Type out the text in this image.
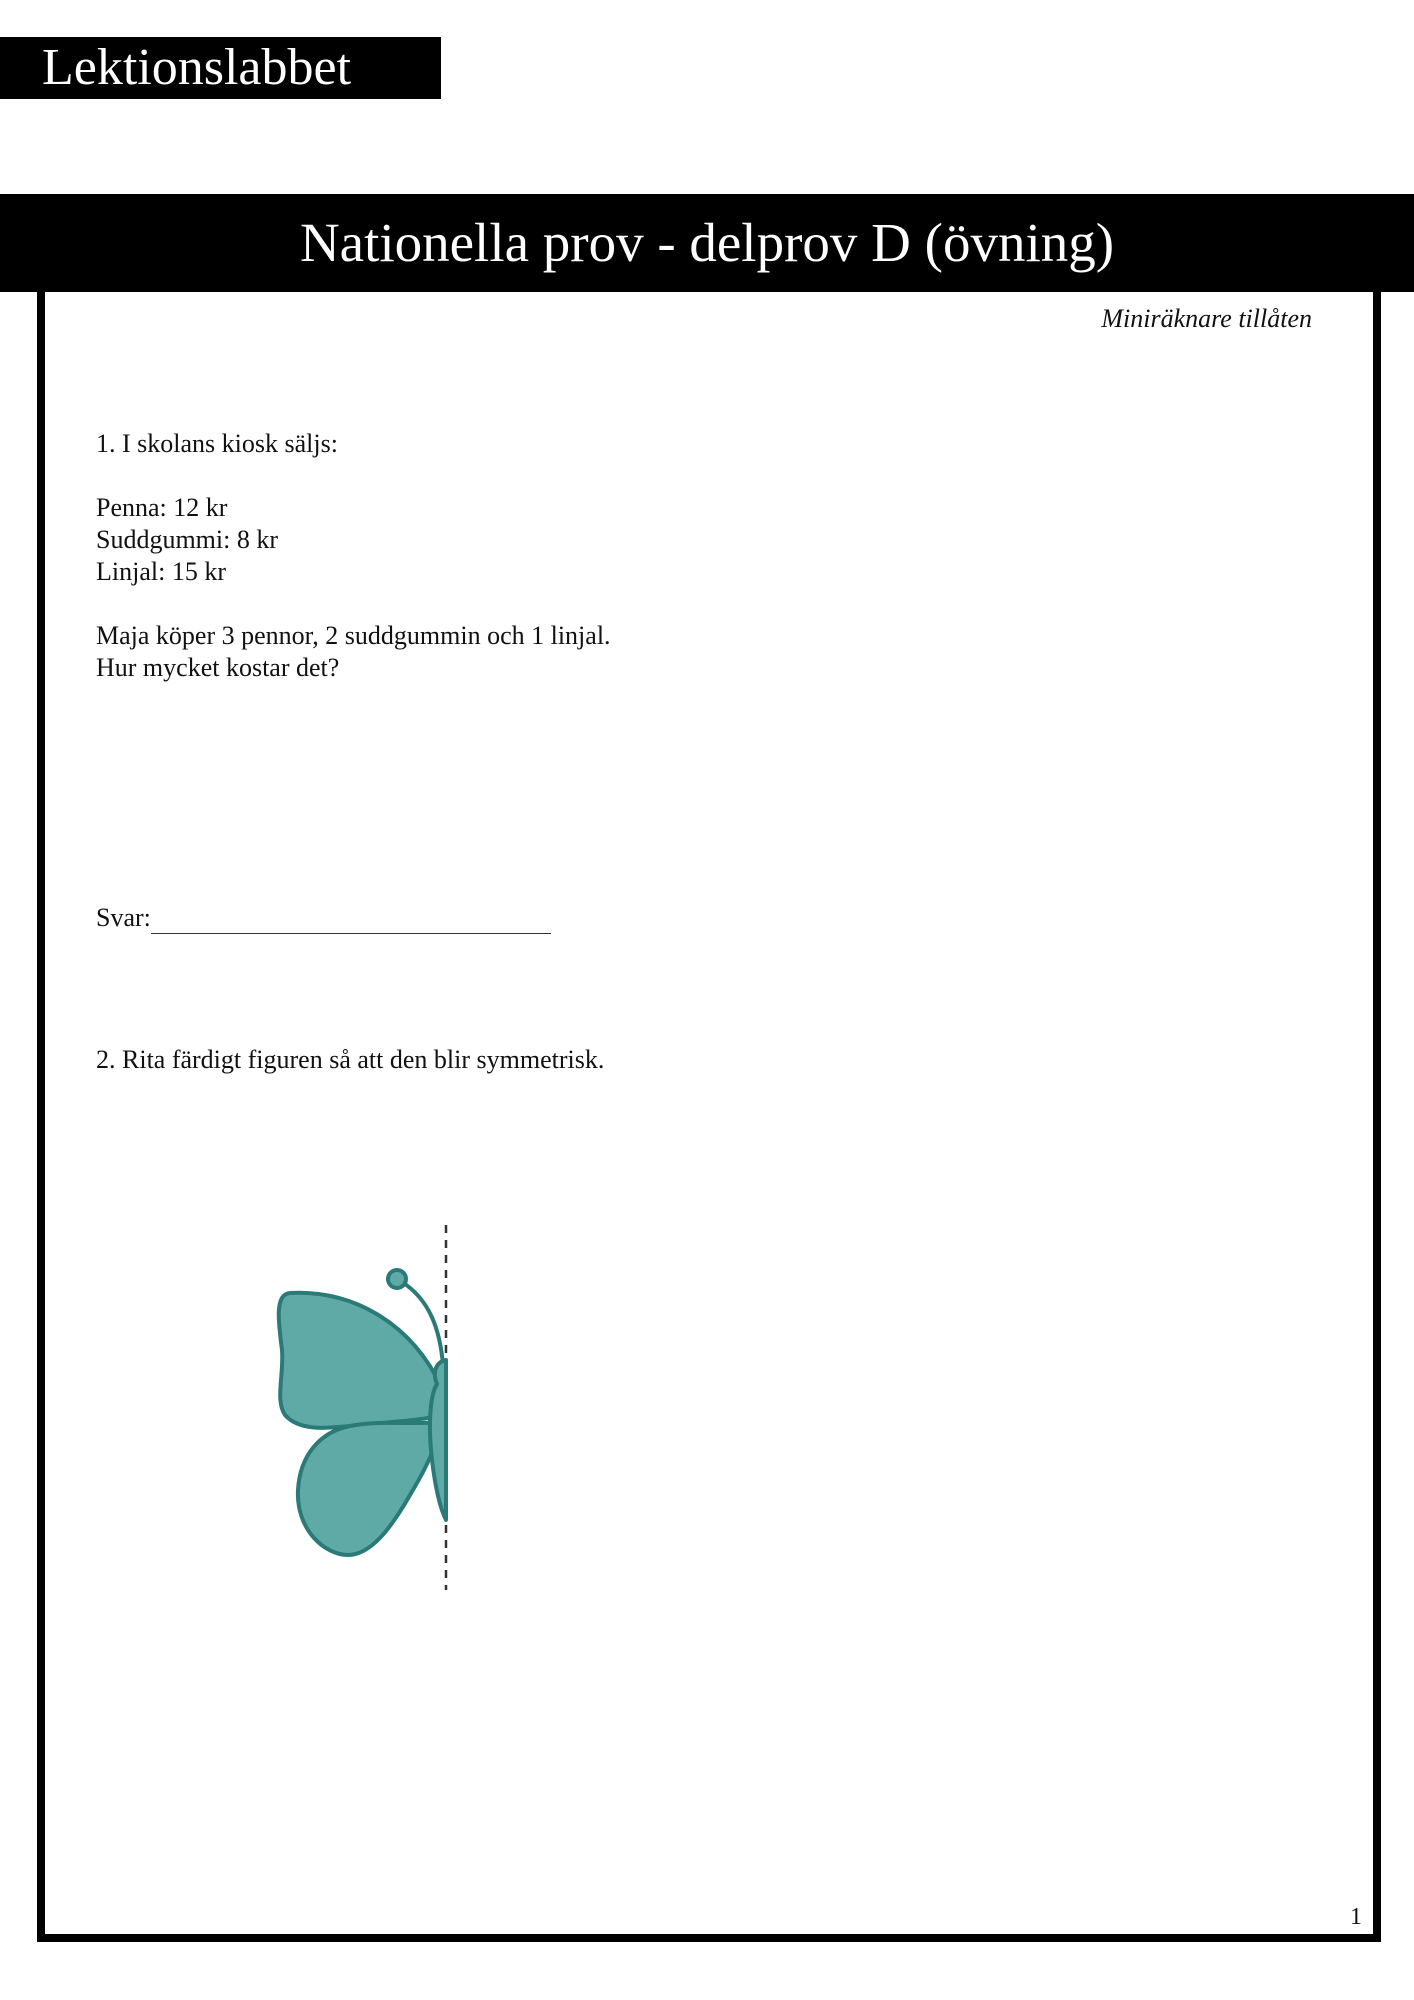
Lektionslabbet
Nationella prov - delprov D (övning)
Miniräknare tillåten

1. I skolans kiosk säljs:

Penna: 12 kr

Suddgummi: 8 kr

Linjal: 15 kr

Maja köper 3 pennor, 2 suddgummin och 1 linjal.

Hur mycket kostar det?

Svar:
2. Rita färdigt figuren så att den blir symmetrisk.
1
